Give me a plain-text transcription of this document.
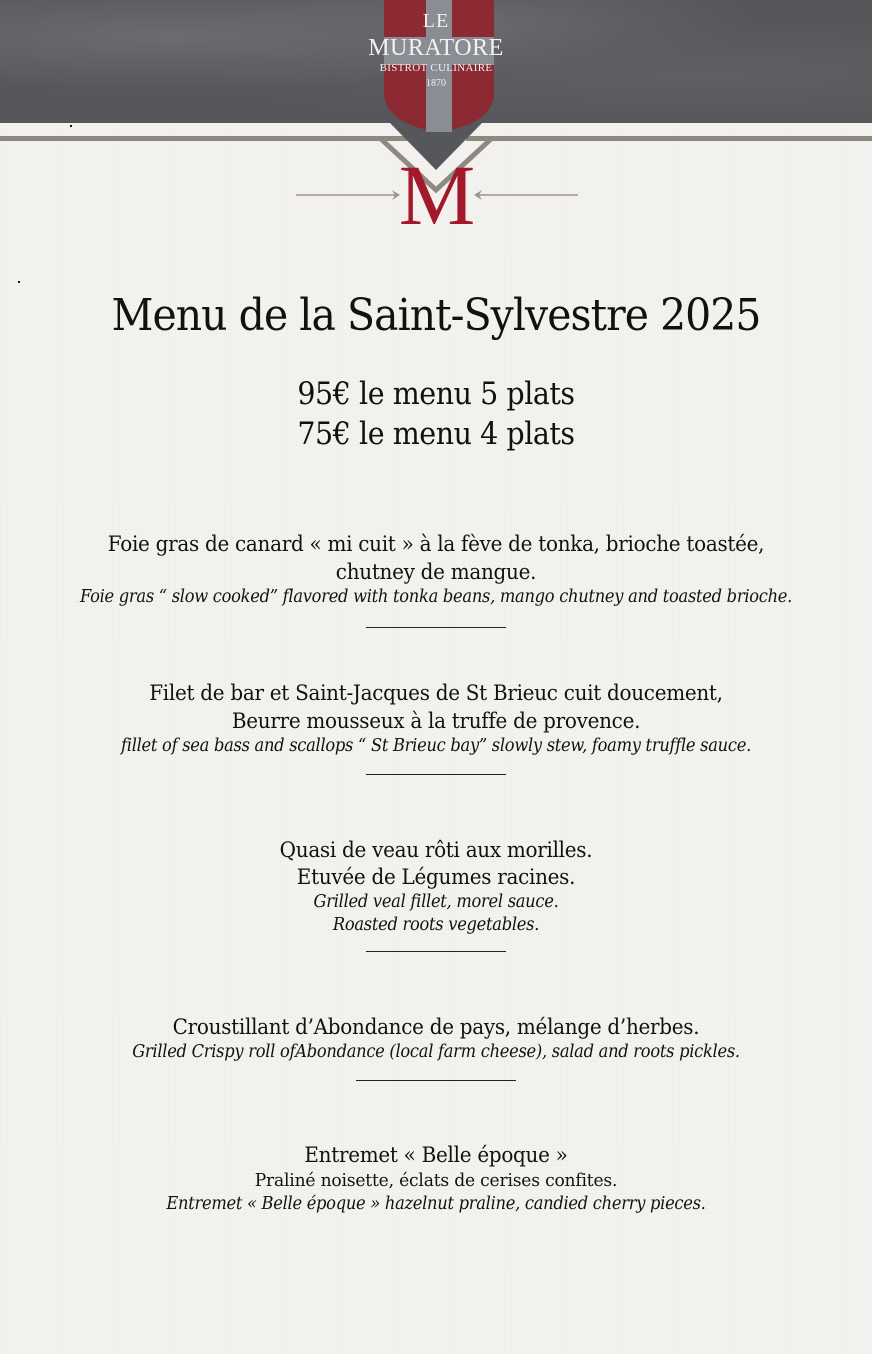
LE
MURATORE
BISTROT CULINAIRE
1870
M
Menu de la Saint-Sylvestre 2025
95€ le menu 5 plats
75€ le menu 4 plats
Foie gras de canard « mi cuit » à la fève de tonka, brioche toastée,
chutney de mangue.
Foie gras “ slow cooked” flavored with tonka beans, mango chutney and toasted brioche.
Filet de bar et Saint-Jacques de St Brieuc cuit doucement,
Beurre mousseux à la truffe de provence.
fillet of sea bass and scallops “ St Brieuc bay” slowly stew, foamy truffle sauce.
Quasi de veau rôti aux morilles.
Etuvée de Légumes racines.
Grilled veal fillet, morel sauce.
Roasted roots vegetables.
Croustillant d’Abondance de pays, mélange d’herbes.
Grilled Crispy roll ofAbondance (local farm cheese), salad and roots pickles.
Entremet « Belle époque »
Praliné noisette, éclats de cerises confites.
Entremet « Belle époque » hazelnut praline, candied cherry pieces.
